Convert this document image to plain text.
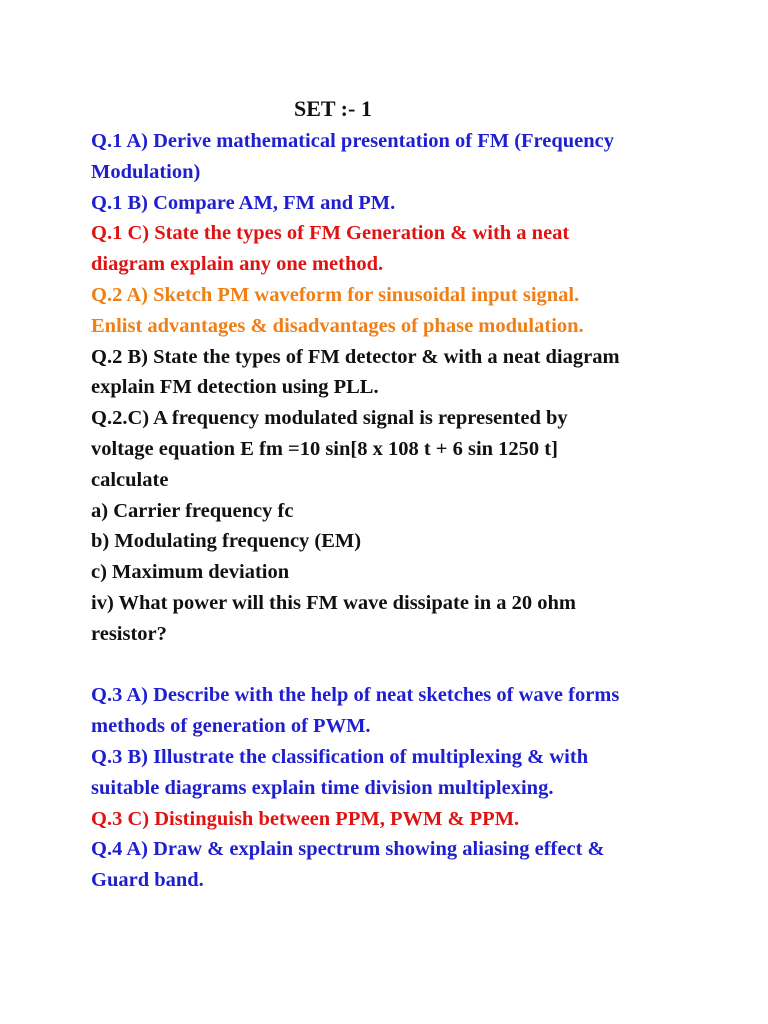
SET :- 1
Q.1 A) Derive mathematical presentation of FM (Frequency
Modulation)
Q.1 B) Compare AM, FM and PM.
Q.1 C) State the types of FM Generation & with a neat
diagram explain any one method.
Q.2 A) Sketch PM waveform for sinusoidal input signal.
Enlist advantages & disadvantages of phase modulation.
Q.2 B) State the types of FM detector & with a neat diagram
explain FM detection using PLL.
Q.2.C) A frequency modulated signal is represented by
voltage equation E fm =10 sin[8 x 108 t + 6 sin 1250 t]
calculate
a) Carrier frequency fc
b) Modulating frequency (EM)
c) Maximum deviation
iv) What power will this FM wave dissipate in a 20 ohm
resistor?
Q.3 A) Describe with the help of neat sketches of wave forms
methods of generation of PWM.
Q.3 B) Illustrate the classification of multiplexing & with
suitable diagrams explain time division multiplexing.
Q.3 C) Distinguish between PPM, PWM & PPM.
Q.4 A) Draw & explain spectrum showing aliasing effect &
Guard band.
